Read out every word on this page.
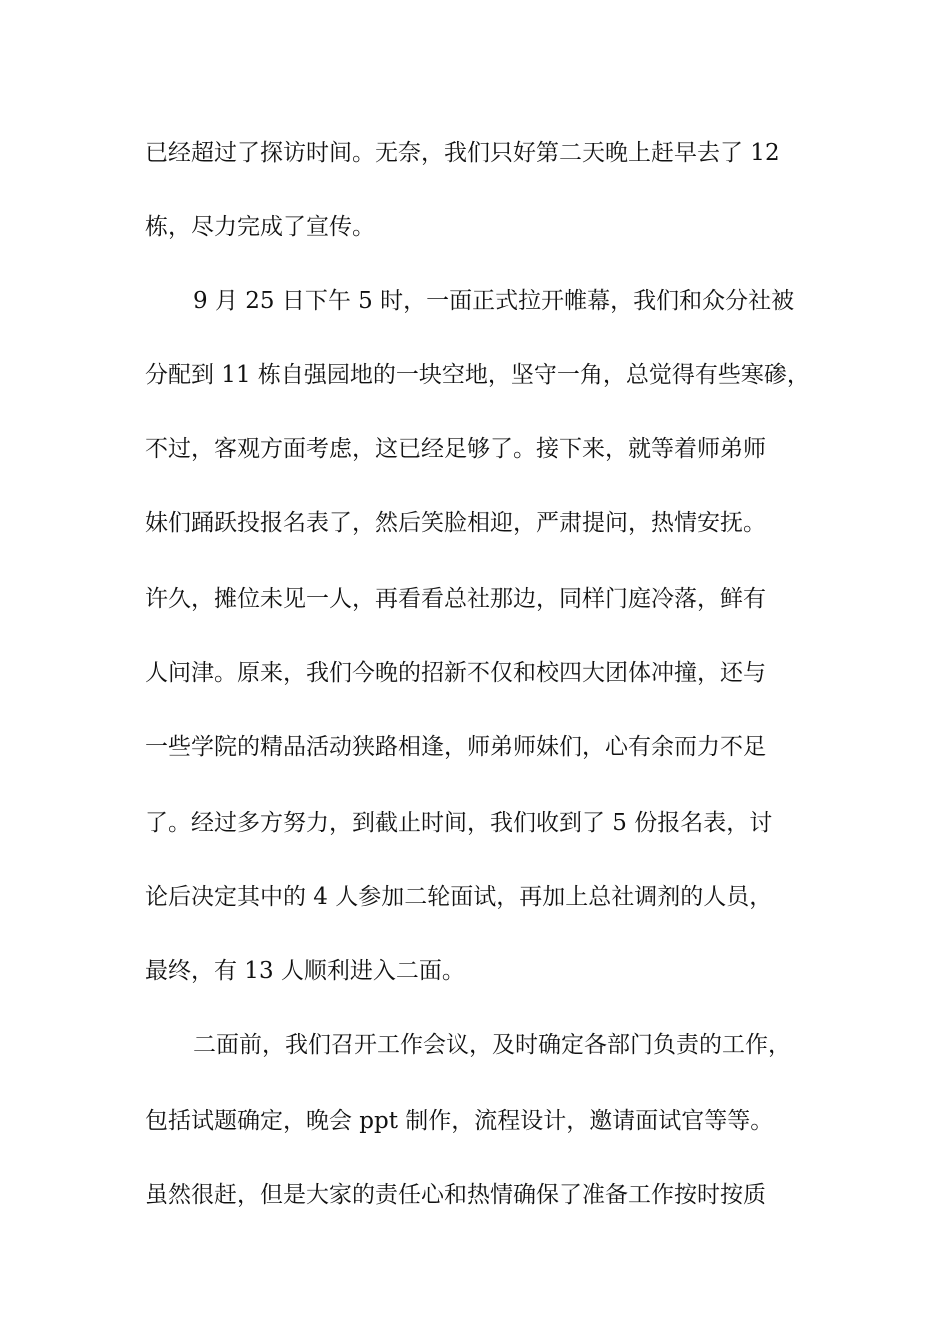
已经超过了探访时间。无奈，我们只好第二天晚上赶早去了 12
栋，尽力完成了宣传。
9 月 25 日下午 5 时，一面正式拉开帷幕，我们和众分社被
分配到 11 栋自强园地的一块空地，坚守一角，总觉得有些寒碜，
不过，客观方面考虑，这已经足够了。接下来，就等着师弟师
妹们踊跃投报名表了，然后笑脸相迎，严肃提问，热情安抚。
许久，摊位未见一人，再看看总社那边，同样门庭冷落，鲜有
人问津。原来，我们今晚的招新不仅和校四大团体冲撞，还与
一些学院的精品活动狭路相逢，师弟师妹们，心有余而力不足
了。经过多方努力，到截止时间，我们收到了 5 份报名表，讨
论后决定其中的 4 人参加二轮面试，再加上总社调剂的人员，
最终，有 13 人顺利进入二面。
二面前，我们召开工作会议，及时确定各部门负责的工作，
包括试题确定，晚会 ppt 制作，流程设计，邀请面试官等等。
虽然很赶，但是大家的责任心和热情确保了准备工作按时按质
